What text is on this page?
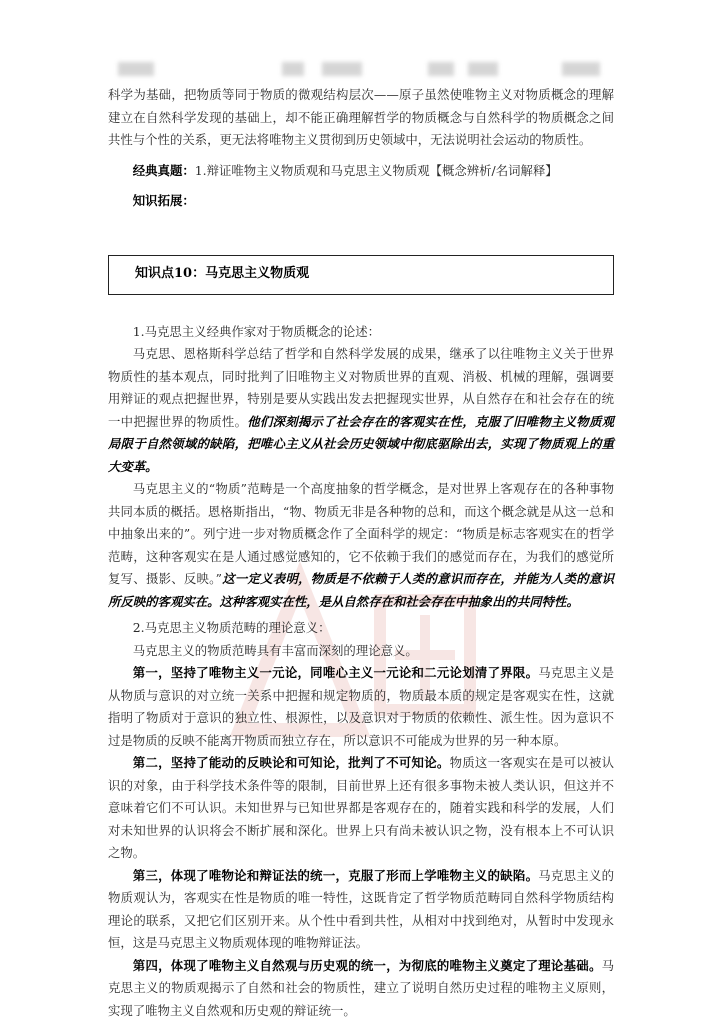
科学为基础，把物质等同于物质的微观结构层次——原子虽然使唯物主义对物质概念的理解建立在自然科学发现的基础上，却不能正确理解哲学的物质概念与自然科学的物质概念之间共性与个性的关系，更无法将唯物主义贯彻到历史领域中，无法说明社会运动的物质性。

经典真题：1.辩证唯物主义物质观和马克思主义物质观【概念辨析/名词解释】

知识拓展：

知识点10：马克思主义物质观

1.马克思主义经典作家对于物质概念的论述：

马克思、恩格斯科学总结了哲学和自然科学发展的成果，继承了以往唯物主义关于世界物质性的基本观点，同时批判了旧唯物主义对物质世界的直观、消极、机械的理解，强调要用辩证的观点把握世界，特别是要从实践出发去把握现实世界，从自然存在和社会存在的统一中把握世界的物质性。他们深刻揭示了社会存在的客观实在性，克服了旧唯物主义物质观局限于自然领域的缺陷，把唯心主义从社会历史领域中彻底驱除出去，实现了物质观上的重大变革。

马克思主义的“物质”范畴是一个高度抽象的哲学概念，是对世界上客观存在的各种事物共同本质的概括。恩格斯指出，“物、物质无非是各种物的总和，而这个概念就是从这一总和中抽象出来的”。列宁进一步对物质概念作了全面科学的规定：“物质是标志客观实在的哲学范畴，这种客观实在是人通过感觉感知的，它不依赖于我们的感觉而存在，为我们的感觉所复写、摄影、反映。”这一定义表明，物质是不依赖于人类的意识而存在，并能为人类的意识所反映的客观实在。这种客观实在性，是从自然存在和社会存在中抽象出的共同特性。

2.马克思主义物质范畴的理论意义：

马克思主义的物质范畴具有丰富而深刻的理论意义。

第一，坚持了唯物主义一元论，同唯心主义一元论和二元论划清了界限。马克思主义是从物质与意识的对立统一关系中把握和规定物质的，物质最本质的规定是客观实在性，这就指明了物质对于意识的独立性、根源性，以及意识对于物质的依赖性、派生性。因为意识不过是物质的反映不能离开物质而独立存在，所以意识不可能成为世界的另一种本原。

第二，坚持了能动的反映论和可知论，批判了不可知论。物质这一客观实在是可以被认识的对象，由于科学技术条件等的限制，目前世界上还有很多事物未被人类认识，但这并不意味着它们不可认识。未知世界与已知世界都是客观存在的，随着实践和科学的发展，人们对未知世界的认识将会不断扩展和深化。世界上只有尚未被认识之物，没有根本上不可认识之物。

第三，体现了唯物论和辩证法的统一，克服了形而上学唯物主义的缺陷。马克思主义的物质观认为，客观实在性是物质的唯一特性，这既肯定了哲学物质范畴同自然科学物质结构理论的联系，又把它们区别开来。从个性中看到共性，从相对中找到绝对，从暂时中发现永恒，这是马克思主义物质观体现的唯物辩证法。

第四，体现了唯物主义自然观与历史观的统一，为彻底的唯物主义奠定了理论基础。马克思主义的物质观揭示了自然和社会的物质性，建立了说明自然历史过程的唯物主义原则，实现了唯物主义自然观和历史观的辩证统一。
